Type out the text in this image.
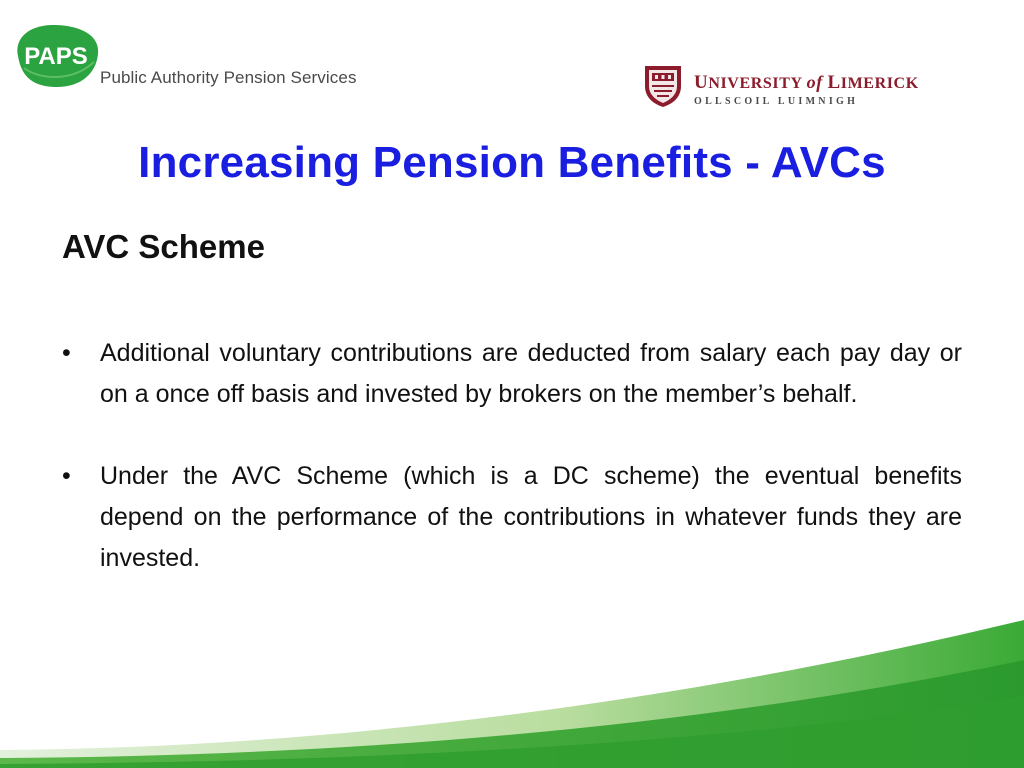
PAPS
Public Authority Pension Services	UNIVERSITY of LIMERICK
OLLSCOIL LUIMNIGH
Increasing Pension Benefits - AVCs
AVC Scheme
•	Additional voluntary contributions are deducted from salary each pay day or on a once off basis and invested by brokers on the member’s behalf.
•	Under the AVC Scheme (which is a DC scheme) the eventual benefits depend on the performance of the contributions in whatever funds they are invested.
